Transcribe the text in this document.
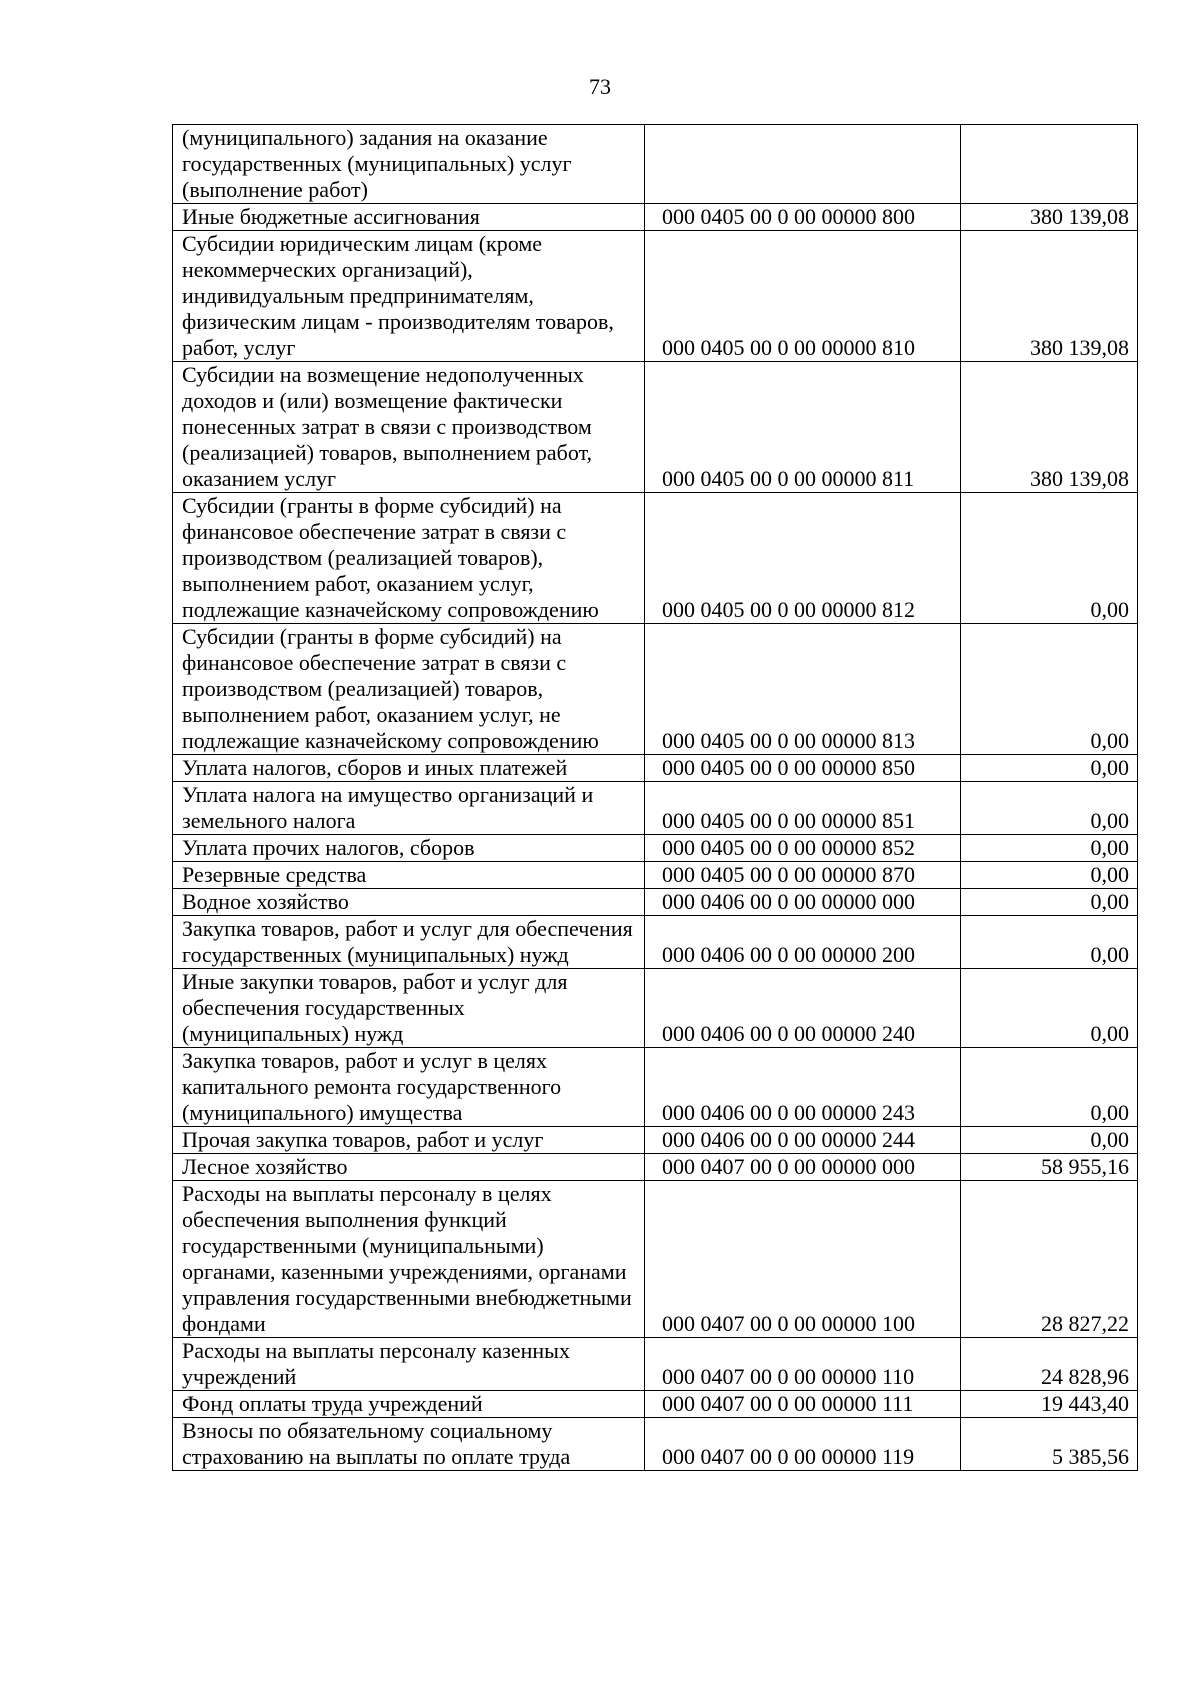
73
(муниципального) задания на оказание государственных (муниципальных) услуг (выполнение работ)		
Иные бюджетные ассигнования	000 0405 00 0 00 00000 800	380 139,08
Субсидии юридическим лицам (кроме некоммерческих организаций), индивидуальным предпринимателям, физическим лицам - производителям товаров, работ, услуг	000 0405 00 0 00 00000 810	380 139,08
Субсидии на возмещение недополученных доходов и (или) возмещение фактически понесенных затрат в связи с производством (реализацией) товаров, выполнением работ, оказанием услуг	000 0405 00 0 00 00000 811	380 139,08
Субсидии (гранты в форме субсидий) на финансовое обеспечение затрат в связи с производством (реализацией товаров), выполнением работ, оказанием услуг, подлежащие казначейскому сопровождению	000 0405 00 0 00 00000 812	0,00
Субсидии (гранты в форме субсидий) на финансовое обеспечение затрат в связи с производством (реализацией) товаров, выполнением работ, оказанием услуг, не подлежащие казначейскому сопровождению	000 0405 00 0 00 00000 813	0,00
Уплата налогов, сборов и иных платежей	000 0405 00 0 00 00000 850	0,00
Уплата налога на имущество организаций и земельного налога	000 0405 00 0 00 00000 851	0,00
Уплата прочих налогов, сборов	000 0405 00 0 00 00000 852	0,00
Резервные средства	000 0405 00 0 00 00000 870	0,00
Водное хозяйство	000 0406 00 0 00 00000 000	0,00
Закупка товаров, работ и услуг для обеспечения государственных (муниципальных) нужд	000 0406 00 0 00 00000 200	0,00
Иные закупки товаров, работ и услуг для обеспечения государственных (муниципальных) нужд	000 0406 00 0 00 00000 240	0,00
Закупка товаров, работ и услуг в целях капитального ремонта государственного (муниципального) имущества	000 0406 00 0 00 00000 243	0,00
Прочая закупка товаров, работ и услуг	000 0406 00 0 00 00000 244	0,00
Лесное хозяйство	000 0407 00 0 00 00000 000	58 955,16
Расходы на выплаты персоналу в целях обеспечения выполнения функций государственными (муниципальными) органами, казенными учреждениями, органами управления государственными внебюджетными фондами	000 0407 00 0 00 00000 100	28 827,22
Расходы на выплаты персоналу казенных учреждений	000 0407 00 0 00 00000 110	24 828,96
Фонд оплаты труда учреждений	000 0407 00 0 00 00000 111	19 443,40
Взносы по обязательному социальному страхованию на выплаты по оплате труда	000 0407 00 0 00 00000 119	5 385,56
